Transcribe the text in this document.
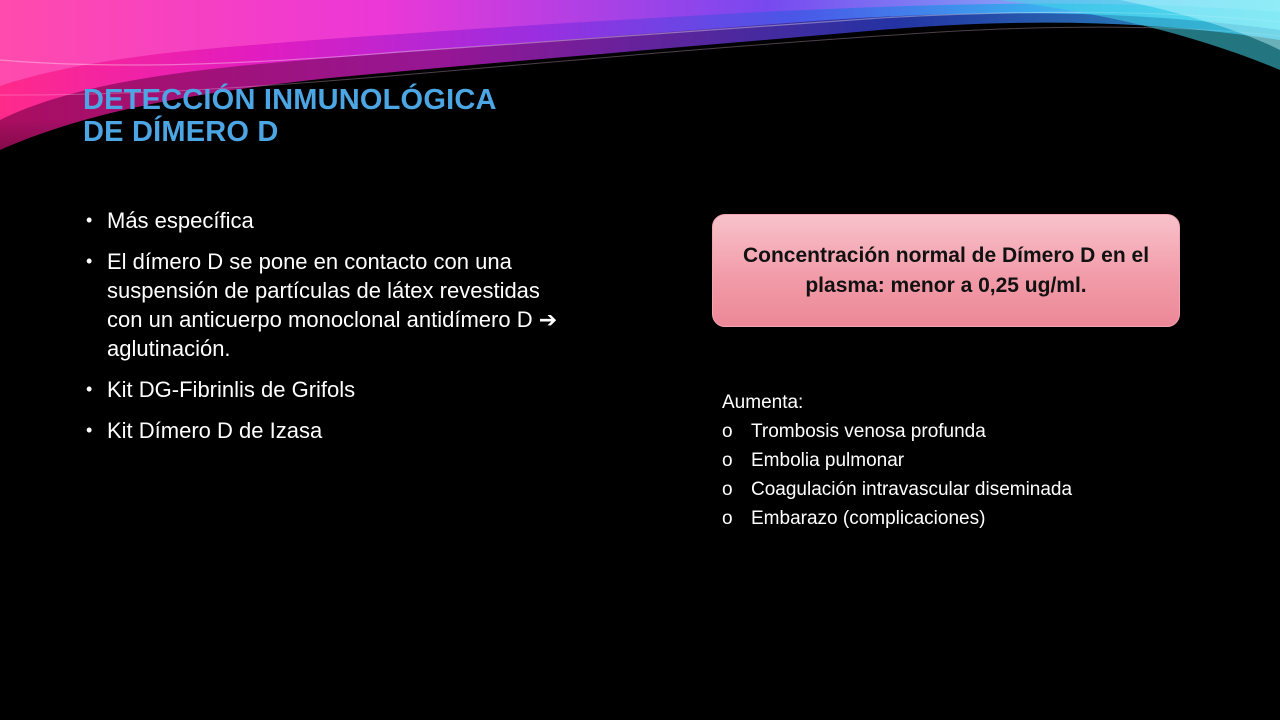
DETECCIÓN INMUNOLÓGICA
DE DÍMERO D
• Más específica
• El dímero D se pone en contacto con una suspensión de partículas de látex revestidas con un anticuerpo monoclonal antidímero D ➔ aglutinación.
• Kit DG-Fibrinlis de Grifols
• Kit Dímero D de Izasa
Concentración normal de Dímero D en el plasma: menor a 0,25 ug/ml.
Aumenta:
o Trombosis venosa profunda
o Embolia pulmonar
o Coagulación intravascular diseminada
o Embarazo (complicaciones)
